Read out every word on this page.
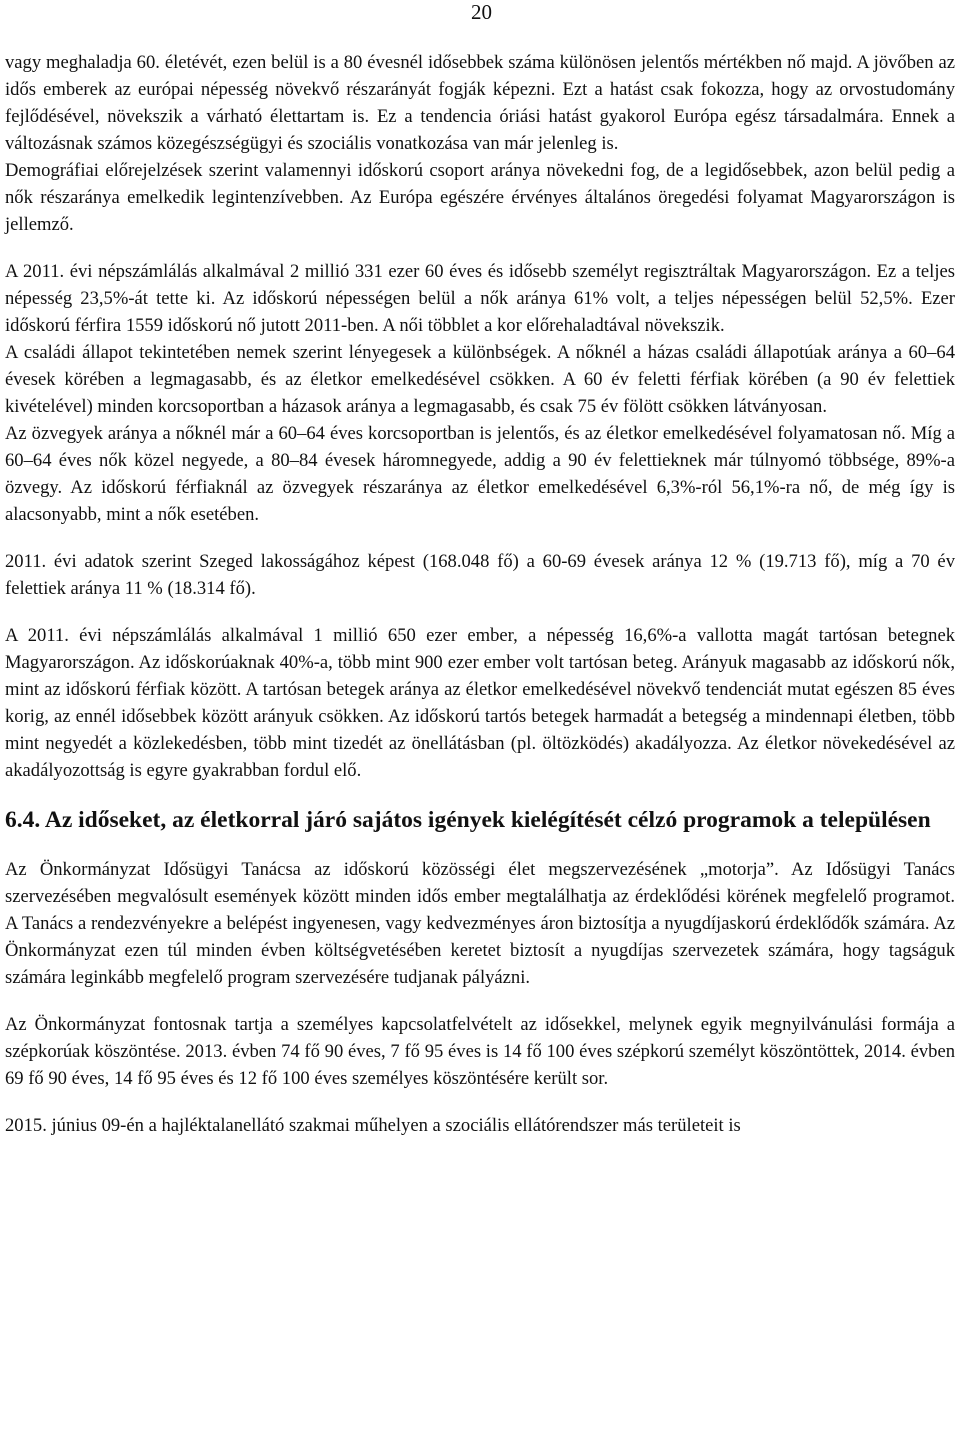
20

vagy meghaladja 60. életévét, ezen belül is a 80 évesnél idősebbek száma különösen jelentős mértékben nő majd. A jövőben az idős emberek az európai népesség növekvő részarányát fogják képezni. Ezt a hatást csak fokozza, hogy az orvostudomány fejlődésével, növekszik a várható élettartam is. Ez a tendencia óriási hatást gyakorol Európa egész társadalmára. Ennek a változásnak számos közegészségügyi és szociális vonatkozása van már jelenleg is.

Demográfiai előrejelzések szerint valamennyi időskorú csoport aránya növekedni fog, de a legidősebbek, azon belül pedig a nők részaránya emelkedik legintenzívebben. Az Európa egészére érvényes általános öregedési folyamat Magyarországon is jellemző.

A 2011. évi népszámlálás alkalmával 2 millió 331 ezer 60 éves és idősebb személyt regisztráltak Magyarországon. Ez a teljes népesség 23,5%-át tette ki. Az időskorú népességen belül a nők aránya 61% volt, a teljes népességen belül 52,5%. Ezer időskorú férfira 1559 időskorú nő jutott 2011-ben. A női többlet a kor előrehaladtával növekszik.

A családi állapot tekintetében nemek szerint lényegesek a különbségek. A nőknél a házas családi állapotúak aránya a 60–64 évesek körében a legmagasabb, és az életkor emelkedésével csökken. A 60 év feletti férfiak körében (a 90 év felettiek kivételével) minden korcsoportban a házasok aránya a legmagasabb, és csak 75 év fölött csökken látványosan.

Az özvegyek aránya a nőknél már a 60–64 éves korcsoportban is jelentős, és az életkor emelkedésével folyamatosan nő. Míg a 60–64 éves nők közel negyede, a 80–84 évesek háromnegyede, addig a 90 év felettieknek már túlnyomó többsége, 89%-a özvegy. Az időskorú férfiaknál az özvegyek részaránya az életkor emelkedésével 6,3%-ról 56,1%-ra nő, de még így is alacsonyabb, mint a nők esetében.

2011. évi adatok szerint Szeged lakosságához képest (168.048 fő) a 60-69 évesek aránya 12 % (19.713 fő), míg a 70 év felettiek aránya 11 % (18.314 fő).

A 2011. évi népszámlálás alkalmával 1 millió 650 ezer ember, a népesség 16,6%-a vallotta magát tartósan betegnek Magyarországon. Az időskorúaknak 40%-a, több mint 900 ezer ember volt tartósan beteg. Arányuk magasabb az időskorú nők, mint az időskorú férfiak között. A tartósan betegek aránya az életkor emelkedésével növekvő tendenciát mutat egészen 85 éves korig, az ennél idősebbek között arányuk csökken. Az időskorú tartós betegek harmadát a betegség a mindennapi életben, több mint negyedét a közlekedésben, több mint tizedét az önellátásban (pl. öltözködés) akadályozza. Az életkor növekedésével az akadályozottság is egyre gyakrabban fordul elő.

6.4. Az időseket, az életkorral járó sajátos igények kielégítését célzó programok a településen

Az Önkormányzat Idősügyi Tanácsa az időskorú közösségi élet megszervezésének „motorja”. Az Idősügyi Tanács szervezésében megvalósult események között minden idős ember megtalálhatja az érdeklődési körének megfelelő programot. A Tanács a rendezvényekre a belépést ingyenesen, vagy kedvezményes áron biztosítja a nyugdíjaskorú érdeklődők számára. Az Önkormányzat ezen túl minden évben költségvetésében keretet biztosít a nyugdíjas szervezetek számára, hogy tagságuk számára leginkább megfelelő program szervezésére tudjanak pályázni.

Az Önkormányzat fontosnak tartja a személyes kapcsolatfelvételt az idősekkel, melynek egyik megnyilvánulási formája a szépkorúak köszöntése. 2013. évben 74 fő 90 éves, 7 fő 95 éves is 14 fő 100 éves szépkorú személyt köszöntöttek, 2014. évben 69 fő 90 éves, 14 fő 95 éves és 12 fő 100 éves személyes köszöntésére került sor.

2015. június 09-én a hajléktalanellátó szakmai műhelyen a szociális ellátórendszer más területeit is
